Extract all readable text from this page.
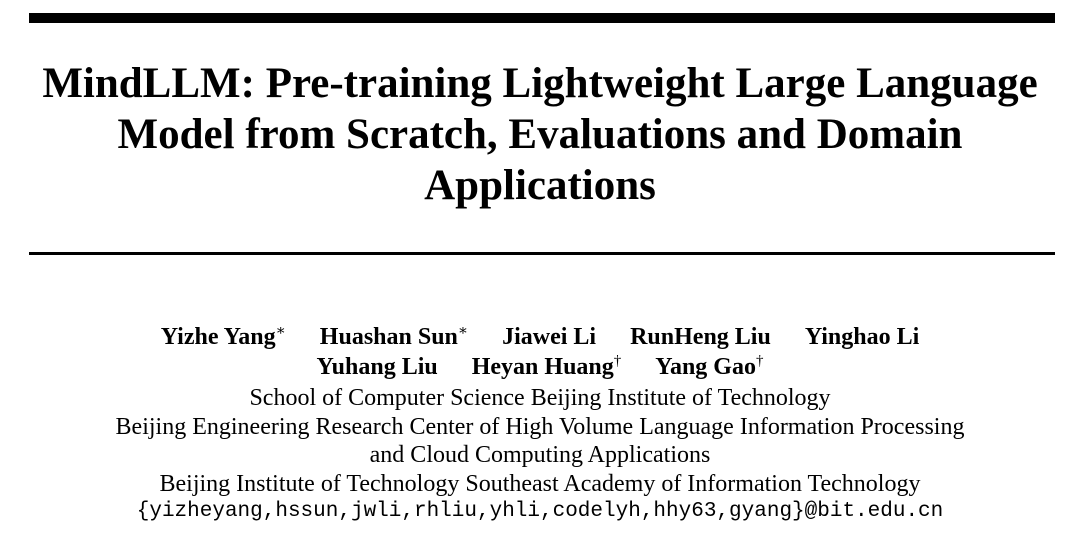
MindLLM: Pre-training Lightweight Large Language
Model from Scratch, Evaluations and Domain
Applications
Yizhe Yang∗ Huashan Sun∗ Jiawei Li RunHeng Liu Yinghao Li
Yuhang Liu Heyan Huang† Yang Gao†
School of Computer Science Beijing Institute of Technology
Beijing Engineering Research Center of High Volume Language Information Processing
and Cloud Computing Applications
Beijing Institute of Technology Southeast Academy of Information Technology
{yizheyang,hssun,jwli,rhliu,yhli,codelyh,hhy63,gyang}@bit.edu.cn
